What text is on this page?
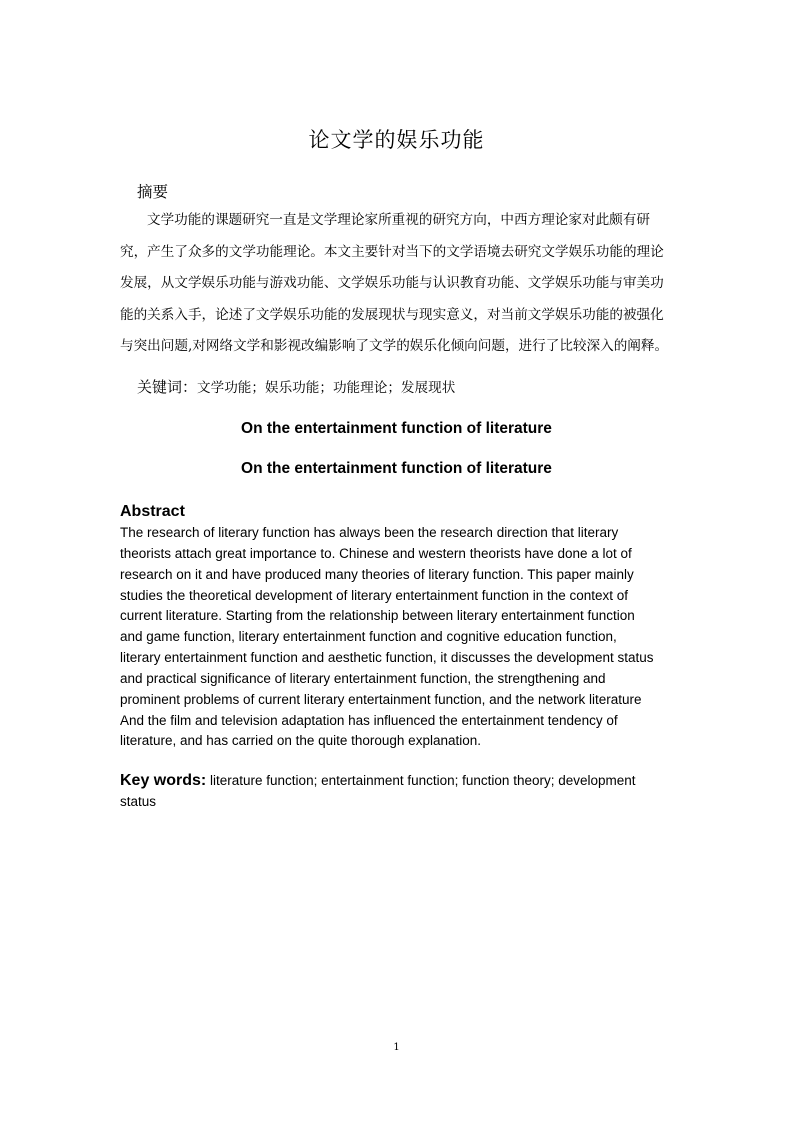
论文学的娱乐功能
摘要
文学功能的课题研究一直是文学理论家所重视的研究方向，中西方理论家对此颇有研
究，产生了众多的文学功能理论。本文主要针对当下的文学语境去研究文学娱乐功能的理论
发展，从文学娱乐功能与游戏功能、文学娱乐功能与认识教育功能、文学娱乐功能与审美功
能的关系入手，论述了文学娱乐功能的发展现状与现实意义，对当前文学娱乐功能的被强化
与突出问题,对网络文学和影视改编影响了文学的娱乐化倾向问题，进行了比较深入的阐释。
关键词：文学功能；娱乐功能；功能理论；发展现状
On the entertainment function of literature
On the entertainment function of literature
Abstract
The research of literary function has always been the research direction that literary
theorists attach great importance to. Chinese and western theorists have done a lot of
research on it and have produced many theories of literary function. This paper mainly
studies the theoretical development of literary entertainment function in the context of
current literature. Starting from the relationship between literary entertainment function
and game function, literary entertainment function and cognitive education function,
literary entertainment function and aesthetic function, it discusses the development status
and practical significance of literary entertainment function, the strengthening and
prominent problems of current literary entertainment function, and the network literature
And the film and television adaptation has influenced the entertainment tendency of
literature, and has carried on the quite thorough explanation.
Key words: literature function; entertainment function; function theory; development
status
1
